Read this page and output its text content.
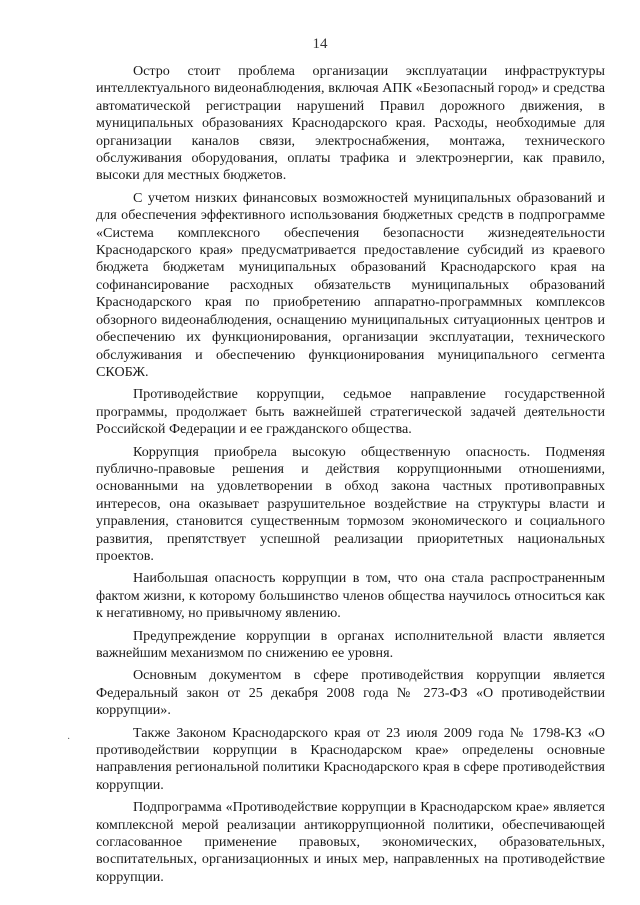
14

Остро стоит проблема организации эксплуатации инфраструктуры интеллектуального видеонаблюдения, включая АПК «Безопасный город» и средства автоматической регистрации нарушений Правил дорожного движения, в муниципальных образованиях Краснодарского края. Расходы, необходимые для организации каналов связи, электроснабжения, монтажа, технического обслуживания оборудования, оплаты трафика и электроэнергии, как правило, высоки для местных бюджетов.

С учетом низких финансовых возможностей муниципальных образований и для обеспечения эффективного использования бюджетных средств в подпрограмме «Система комплексного обеспечения безопасности жизнедеятельности Краснодарского края» предусматривается предоставление субсидий из краевого бюджета бюджетам муниципальных образований Краснодарского края на софинансирование расходных обязательств муниципальных образований Краснодарского края по приобретению аппаратно-программных комплексов обзорного видеонаблюдения, оснащению муниципальных ситуационных центров и обеспечению их функционирования, организации эксплуатации, технического обслуживания и обеспечению функционирования муниципального сегмента СКОБЖ.

Противодействие коррупции, седьмое направление государственной программы, продолжает быть важнейшей стратегической задачей деятельности Российской Федерации и ее гражданского общества.

Коррупция приобрела высокую общественную опасность. Подменяя публично-правовые решения и действия коррупционными отношениями, основанными на удовлетворении в обход закона частных противоправных интересов, она оказывает разрушительное воздействие на структуры власти и управления, становится существенным тормозом экономического и социального развития, препятствует успешной реализации приоритетных национальных проектов.

Наибольшая опасность коррупции в том, что она стала распространенным фактом жизни, к которому большинство членов общества научилось относиться как к негативному, но привычному явлению.

Предупреждение коррупции в органах исполнительной власти является важнейшим механизмом по снижению ее уровня.

Основным документом в сфере противодействия коррупции является Федеральный закон от 25 декабря 2008 года № 273-ФЗ «О противодействии коррупции».

Также Законом Краснодарского края от 23 июля 2009 года № 1798-КЗ «О противодействии коррупции в Краснодарском крае» определены основные направления региональной политики Краснодарского края в сфере противодействия коррупции.

Подпрограмма «Противодействие коррупции в Краснодарском крае» является комплексной мерой реализации антикоррупционной политики, обеспечивающей согласованное применение правовых, экономических, образовательных, воспитательных, организационных и иных мер, направленных на противодействие коррупции.

·
